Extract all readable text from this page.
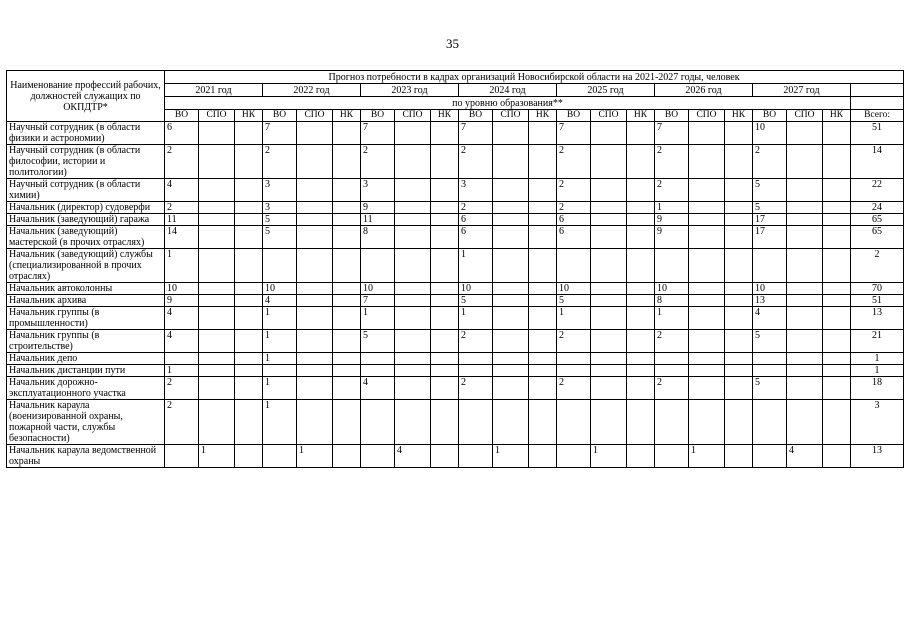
35
Наименование профессий рабочих, должностей служащих по ОКПДТР*	Прогноз потребности в кадрах организаций Новосибирской области на 2021-2027 годы, человек																					
	2021 год			2022 год			2023 год			2024 год			2025 год			2026 год			2027 год			
	по уровню образования**																					
	ВО	СПО	НК	ВО	СПО	НК	ВО	СПО	НК	ВО	СПО	НК	ВО	СПО	НК	ВО	СПО	НК	ВО	СПО	НК	Всего:
Научный сотрудник (в области физики и астрономии)	6			7			7			7			7			7			10			51
Научный сотрудник (в области философии, истории и политологии)	2			2			2			2			2			2			2			14
Научный сотрудник (в области химии)	4			3			3			3			2			2			5			22
Начальник (директор) судоверфи	2			3			9			2			2			1			5			24
Начальник (заведующий) гаража	11			5			11			6			6			9			17			65
Начальник (заведующий) мастерской (в прочих отраслях)	14			5			8			6			6			9			17			65
Начальник (заведующий) службы (специализированной в прочих отраслях)	1									1												2
Начальник автоколонны	10			10			10			10			10			10			10			70
Начальник архива	9			4			7			5			5			8			13			51
Начальник группы (в промышленности)	4			1			1			1			1			1			4			13
Начальник группы (в строительстве)	4			1			5			2			2			2			5			21
Начальник депо				1																		1
Начальник дистанции пути	1																					1
Начальник дорожно-эксплуатационного участка	2			1			4			2			2			2			5			18
Начальник караула (военизированной охраны, пожарной части, службы безопасности)	2			1																		3
Начальник караула ведомственной охраны		1			1			4			1			1			1			4		13
